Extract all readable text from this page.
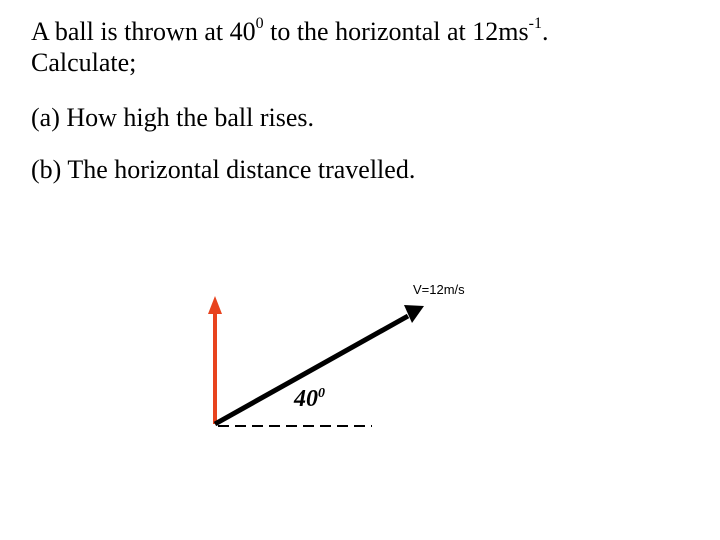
A ball is thrown at $40^0$ to the horizontal at $12ms^{-1}$.
Calculate;

(a) How high the ball rises.

(b) The horizontal distance travelled.

V=12m/s
$40^0$
